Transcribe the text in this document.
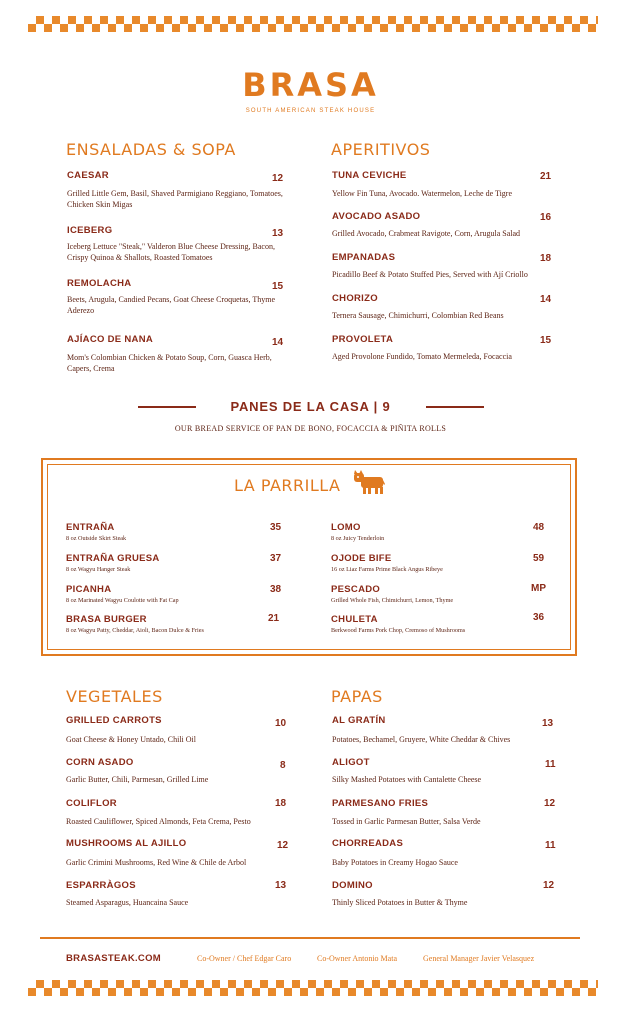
BRASA
SOUTH AMERICAN STEAK HOUSE
ENSALADAS & SOPA
CAESAR	12
Grilled Little Gem, Basil, Shaved Parmigiano Reggiano, Tomatoes, Chicken Skin Migas
ICEBERG	13
Iceberg Lettuce "Steak," Valderon Blue Cheese Dressing, Bacon, Crispy Quinoa & Shallots, Roasted Tomatoes
REMOLACHA	15
Beets, Arugula, Candied Pecans, Goat Cheese Croquetas, Thyme Aderezo
AJÍACO DE NANA	14
Mom's Colombian Chicken & Potato Soup, Corn, Guasca Herb, Capers, Crema
APERITIVOS
TUNA CEVICHE	21
Yellow Fin Tuna, Avocado. Watermelon, Leche de Tigre
AVOCADO ASADO	16
Grilled Avocado, Crabmeat Ravigote, Corn, Arugula Salad
EMPANADAS	18
Picadillo Beef & Potato Stuffed Pies, Served with Ají Criollo
CHORIZO	14
Ternera Sausage, Chimichurri, Colombian Red Beans
PROVOLETA	15
Aged Provolone Fundido, Tomato Mermeleda, Focaccia
PANES DE LA CASA | 9
OUR BREAD SERVICE OF PAN DE BONO, FOCACCIA & PIÑITA ROLLS
LA PARRILLA
ENTRAÑA	35
8 oz Outside Skirt Steak
ENTRAÑA GRUESA	37
8 oz Wagyu Hanger Steak
PICANHA	38
8 oz Marinated Wagyu Coulotte with Fat Cap
BRASA BURGER	21
8 oz Wagyu Patty, Cheddar, Aioli, Bacon Dulce & Fries
LOMO	48
8 oz Juicy Tenderloin
OJODE BIFE	59
16 oz Liaz Farms Prime Black Angus Ribeye
PESCADO	MP
Grilled Whole Fish, Chimichurri, Lemon, Thyme
CHULETA	36
Berkwood Farms Pork Chop, Cremoso of Mushrooms
VEGETALES
GRILLED CARROTS	10
Goat Cheese & Honey Untado, Chili Oil
CORN ASADO	8
Garlic Butter, Chili, Parmesan, Grilled Lime
COLIFLOR	18
Roasted Cauliflower, Spiced Almonds, Feta Crema, Pesto
MUSHROOMS AL AJILLO	12
Garlic Crimini Mushrooms, Red Wine & Chile de Arbol
ESPARRÀGOS	13
Steamed Asparagus, Huancaina Sauce
PAPAS
AL GRATÍN	13
Potatoes, Bechamel, Gruyere, White Cheddar & Chives
ALIGOT	11
Silky Mashed Potatoes with Cantalette Cheese
PARMESANO FRIES	12
Tossed in Garlic Parmesan Butter, Salsa Verde
CHORREADAS	11
Baby Potatoes in Creamy Hogao Sauce
DOMINO	12
Thinly Sliced Potatoes in Butter & Thyme
BRASASTEAK.COM	Co-Owner / Chef Edgar Caro	Co-Owner Antonio Mata	General Manager Javier Velasquez
